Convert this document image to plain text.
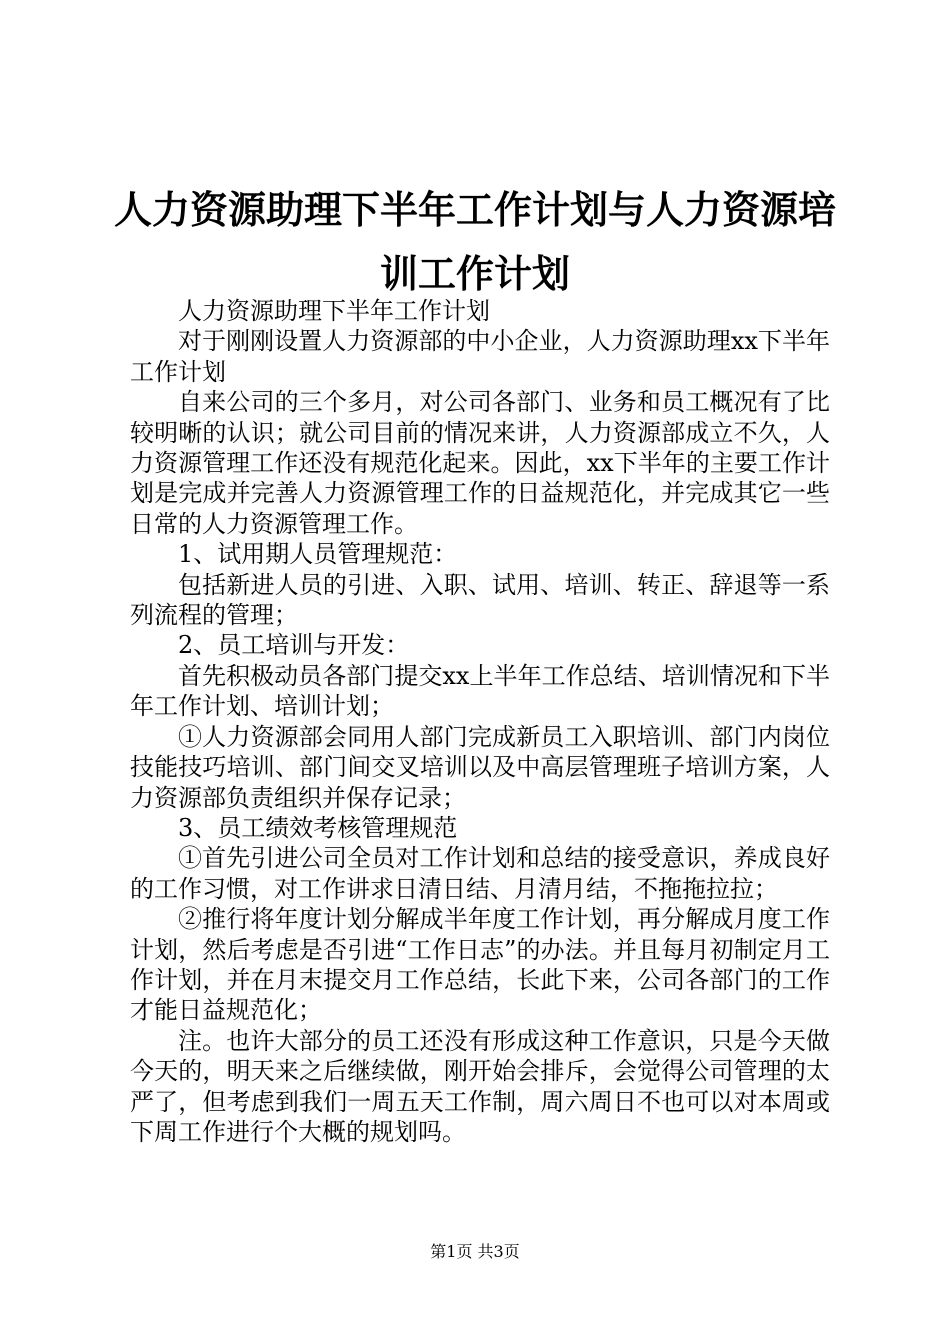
人力资源助理下半年工作计划与人力资源培训工作计划

人力资源助理下半年工作计划

对于刚刚设置人力资源部的中小企业，人力资源助理xx下半年工作计划

自来公司的三个多月，对公司各部门、业务和员工概况有了比较明晰的认识；就公司目前的情况来讲，人力资源部成立不久，人力资源管理工作还没有规范化起来。因此，xx下半年的主要工作计划是完成并完善人力资源管理工作的日益规范化，并完成其它一些日常的人力资源管理工作。

1、试用期人员管理规范：

包括新进人员的引进、入职、试用、培训、转正、辞退等一系列流程的管理；

2、员工培训与开发：

首先积极动员各部门提交xx上半年工作总结、培训情况和下半年工作计划、培训计划；

①人力资源部会同用人部门完成新员工入职培训、部门内岗位技能技巧培训、部门间交叉培训以及中高层管理班子培训方案，人力资源部负责组织并保存记录；

3、员工绩效考核管理规范

①首先引进公司全员对工作计划和总结的接受意识，养成良好的工作习惯，对工作讲求日清日结、月清月结，不拖拖拉拉；

②推行将年度计划分解成半年度工作计划，再分解成月度工作计划，然后考虑是否引进“工作日志”的办法。并且每月初制定月工作计划，并在月末提交月工作总结，长此下来，公司各部门的工作才能日益规范化；

注。也许大部分的员工还没有形成这种工作意识，只是今天做今天的，明天来之后继续做，刚开始会排斥，会觉得公司管理的太严了，但考虑到我们一周五天工作制，周六周日不也可以对本周或下周工作进行个大概的规划吗。

第1页 共3页
